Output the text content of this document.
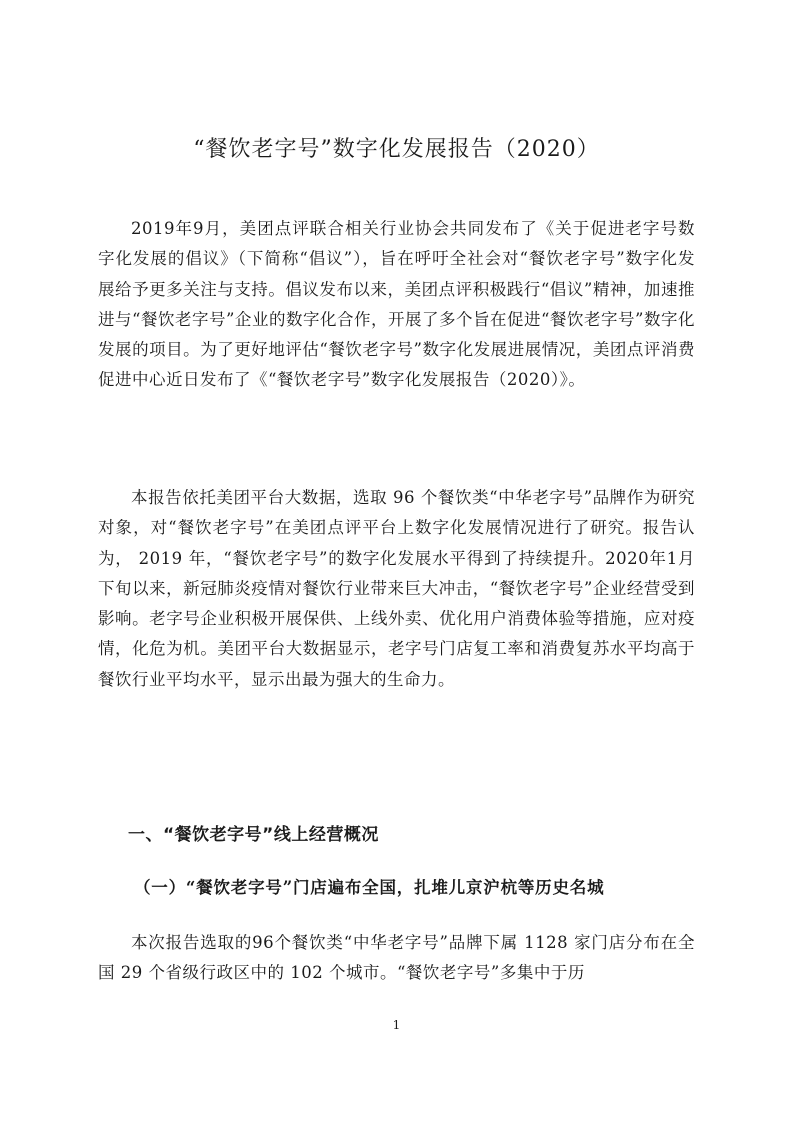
“餐饮老字号”数字化发展报告（2020）

2019年9月，美团点评联合相关行业协会共同发布了《关于促进老字号数字化发展的倡议》（下简称“倡议”），旨在呼吁全社会对“餐饮老字号”数字化发展给予更多关注与支持。倡议发布以来，美团点评积极践行“倡议”精神，加速推进与“餐饮老字号”企业的数字化合作，开展了多个旨在促进“餐饮老字号”数字化发展的项目。为了更好地评估“餐饮老字号”数字化发展进展情况，美团点评消费促进中心近日发布了《“餐饮老字号”数字化发展报告（2020）》。

本报告依托美团平台大数据，选取 96 个餐饮类“中华老字号”品牌作为研究对象，对“餐饮老字号”在美团点评平台上数字化发展情况进行了研究。报告认为， 2019 年，“餐饮老字号”的数字化发展水平得到了持续提升。2020年1月下旬以来，新冠肺炎疫情对餐饮行业带来巨大冲击，“餐饮老字号”企业经营受到影响。老字号企业积极开展保供、上线外卖、优化用户消费体验等措施，应对疫情，化危为机。美团平台大数据显示，老字号门店复工率和消费复苏水平均高于餐饮行业平均水平，显示出最为强大的生命力。

一、“餐饮老字号”线上经营概况
（一）“餐饮老字号”门店遍布全国，扎堆儿京沪杭等历史名城

本次报告选取的96个餐饮类“中华老字号”品牌下属 1128 家门店分布在全国 29 个省级行政区中的 102 个城市。“餐饮老字号”多集中于历

1
